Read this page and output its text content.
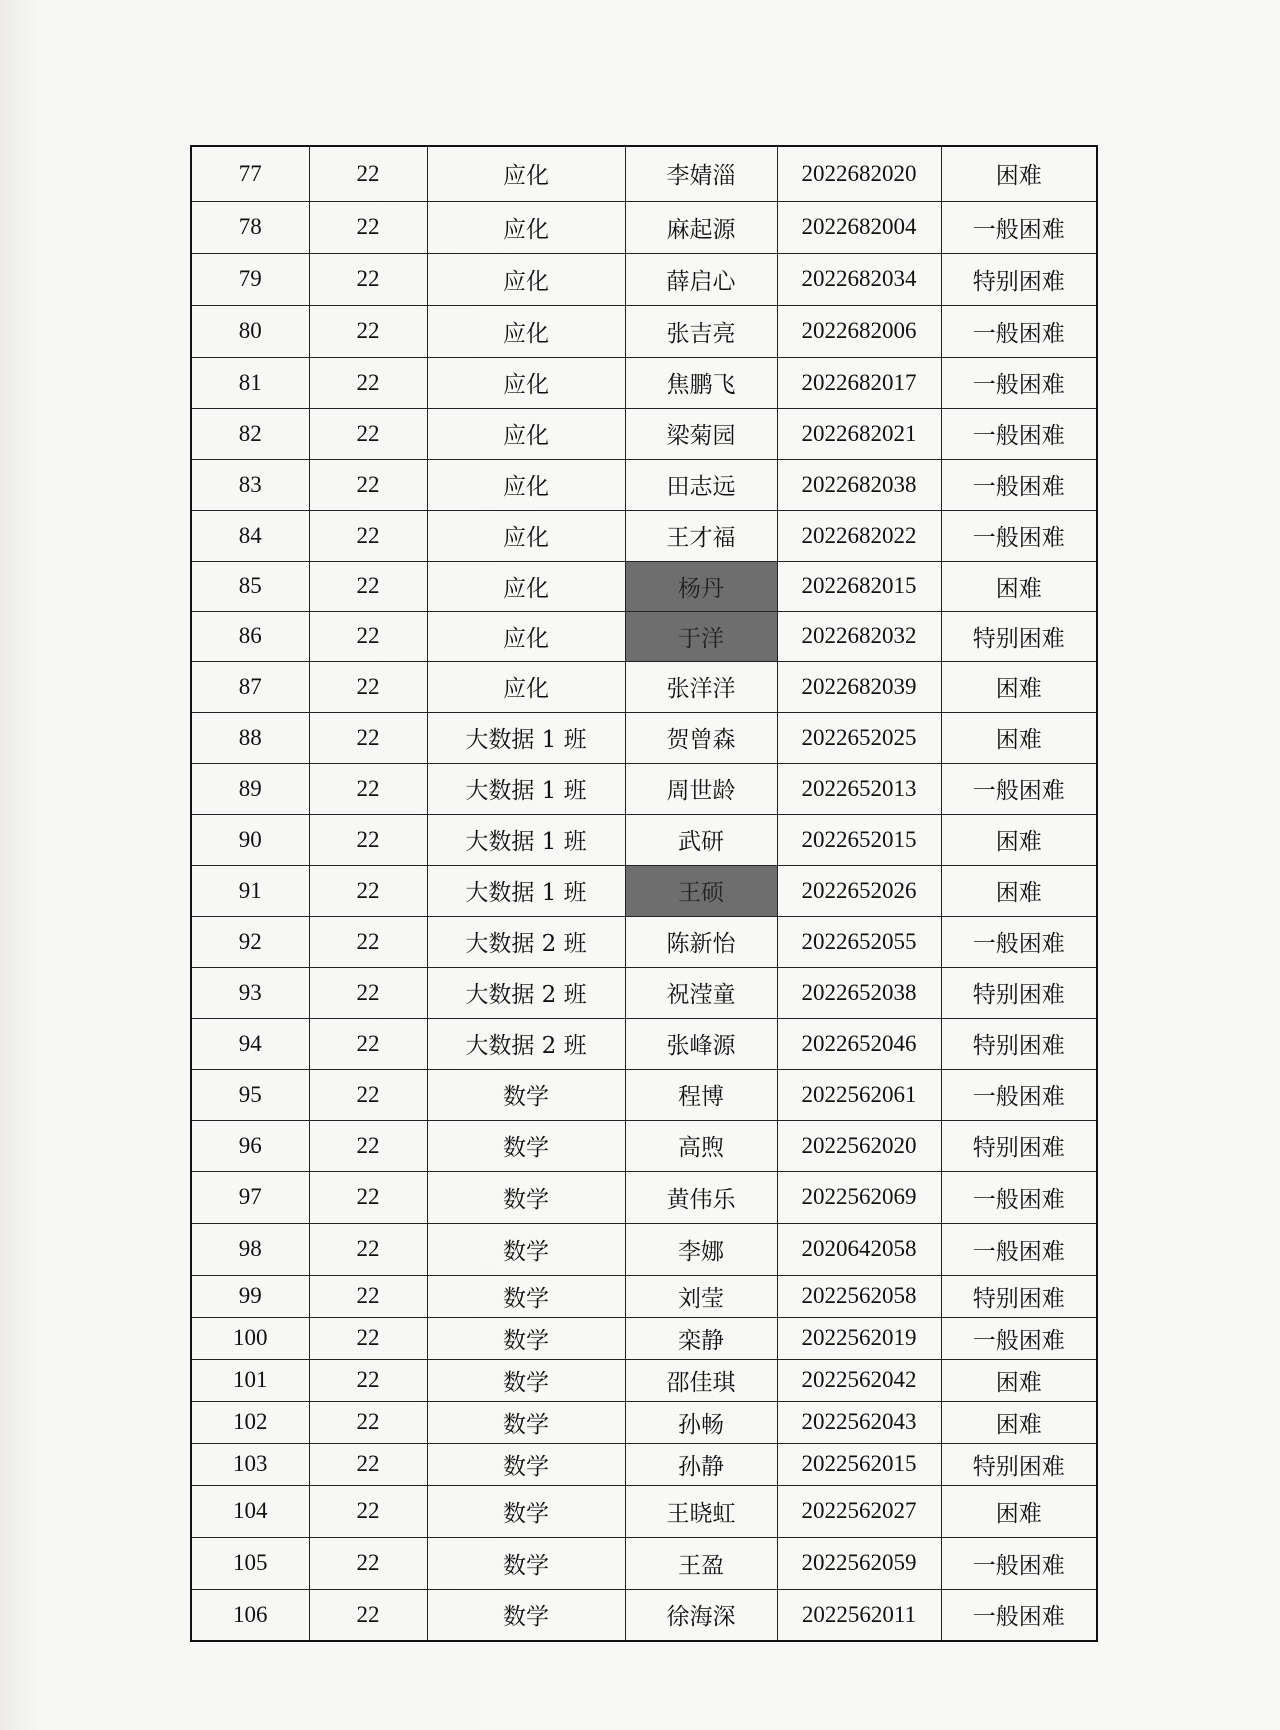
77	22	应化	李婧淄	2022682020	困难
78	22	应化	麻起源	2022682004	一般困难
79	22	应化	薛启心	2022682034	特别困难
80	22	应化	张吉亮	2022682006	一般困难
81	22	应化	焦鹏飞	2022682017	一般困难
82	22	应化	梁菊园	2022682021	一般困难
83	22	应化	田志远	2022682038	一般困难
84	22	应化	王才福	2022682022	一般困难
85	22	应化	杨丹	2022682015	困难
86	22	应化	于洋	2022682032	特别困难
87	22	应化	张洋洋	2022682039	困难
88	22	大数据 1 班	贺曾森	2022652025	困难
89	22	大数据 1 班	周世龄	2022652013	一般困难
90	22	大数据 1 班	武研	2022652015	困难
91	22	大数据 1 班	王硕	2022652026	困难
92	22	大数据 2 班	陈新怡	2022652055	一般困难
93	22	大数据 2 班	祝滢童	2022652038	特别困难
94	22	大数据 2 班	张峰源	2022652046	特别困难
95	22	数学	程博	2022562061	一般困难
96	22	数学	高煦	2022562020	特别困难
97	22	数学	黄伟乐	2022562069	一般困难
98	22	数学	李娜	2020642058	一般困难
99	22	数学	刘莹	2022562058	特别困难
100	22	数学	栾静	2022562019	一般困难
101	22	数学	邵佳琪	2022562042	困难
102	22	数学	孙畅	2022562043	困难
103	22	数学	孙静	2022562015	特别困难
104	22	数学	王晓虹	2022562027	困难
105	22	数学	王盈	2022562059	一般困难
106	22	数学	徐海深	2022562011	一般困难
